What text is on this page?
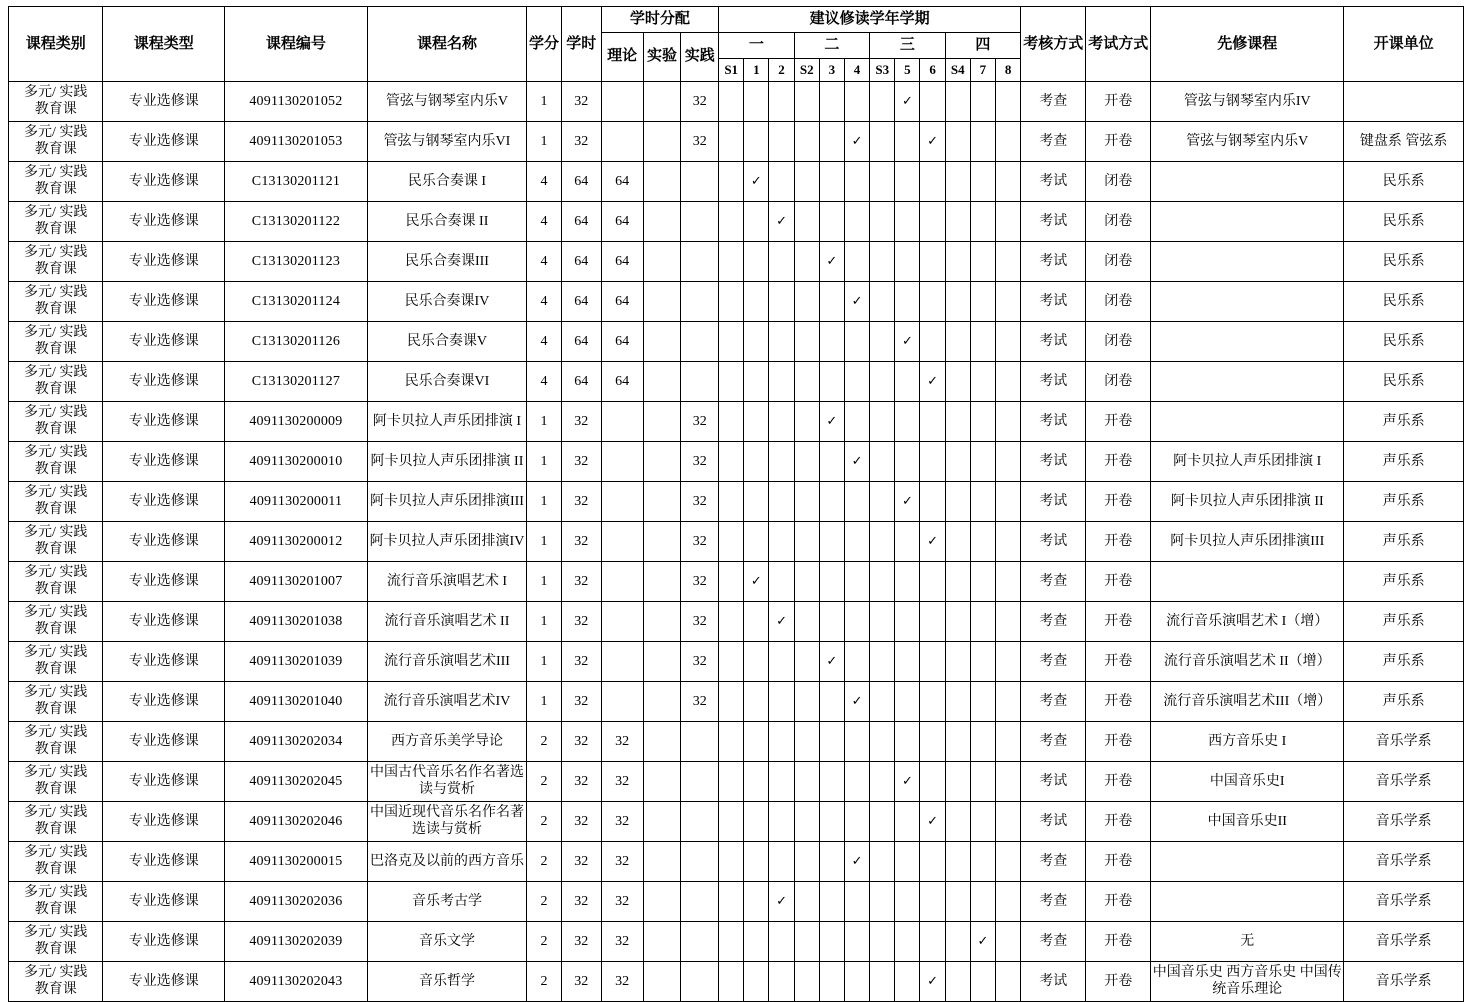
课程类别	课程类型	课程编号	课程名称	学分	学时	学时分配			建议修读学年学期												考核方式	考试方式	先修课程	开课单位
						理论	实验	实践	一			二			三			四						
									S1	1	2	S2	3	4	S3	5	6	S4	7	8				

多元/ 实践
教育课	专业选修课	4091130201052	管弦与钢琴室内乐V	1	32			32								✓					考查	开卷	管弦与钢琴室内乐IV	

多元/ 实践
教育课	专业选修课	4091130201053	管弦与钢琴室内乐VI	1	32			32						✓			✓				考查	开卷	管弦与钢琴室内乐V	键盘系 管弦系

多元/ 实践
教育课	专业选修课	C13130201121	民乐合奏课 I	4	64	64				✓											考试	闭卷		民乐系

多元/ 实践
教育课	专业选修课	C13130201122	民乐合奏课 II	4	64	64					✓										考试	闭卷		民乐系

多元/ 实践
教育课	专业选修课	C13130201123	民乐合奏课III	4	64	64							✓								考试	闭卷		民乐系

多元/ 实践
教育课	专业选修课	C13130201124	民乐合奏课IV	4	64	64								✓							考试	闭卷		民乐系

多元/ 实践
教育课	专业选修课	C13130201126	民乐合奏课V	4	64	64										✓					考试	闭卷		民乐系

多元/ 实践
教育课	专业选修课	C13130201127	民乐合奏课VI	4	64	64											✓				考试	闭卷		民乐系

多元/ 实践
教育课	专业选修课	4091130200009	阿卡贝拉人声乐团排演 I	1	32			32					✓								考试	开卷		声乐系

多元/ 实践
教育课	专业选修课	4091130200010	阿卡贝拉人声乐团排演 II	1	32			32						✓							考试	开卷	阿卡贝拉人声乐团排演 I	声乐系

多元/ 实践
教育课	专业选修课	4091130200011	阿卡贝拉人声乐团排演III	1	32			32								✓					考试	开卷	阿卡贝拉人声乐团排演 II	声乐系

多元/ 实践
教育课	专业选修课	4091130200012	阿卡贝拉人声乐团排演IV	1	32			32									✓				考试	开卷	阿卡贝拉人声乐团排演III	声乐系

多元/ 实践
教育课	专业选修课	4091130201007	流行音乐演唱艺术 I	1	32			32		✓											考查	开卷		声乐系

多元/ 实践
教育课	专业选修课	4091130201038	流行音乐演唱艺术 II	1	32			32			✓										考查	开卷	流行音乐演唱艺术 I（增）	声乐系

多元/ 实践
教育课	专业选修课	4091130201039	流行音乐演唱艺术III	1	32			32					✓								考查	开卷	流行音乐演唱艺术 II（增）	声乐系

多元/ 实践
教育课	专业选修课	4091130201040	流行音乐演唱艺术IV	1	32			32						✓							考查	开卷	流行音乐演唱艺术III（增）	声乐系

多元/ 实践
教育课	专业选修课	4091130202034	西方音乐美学导论	2	32	32															考查	开卷	西方音乐史 I	音乐学系

多元/ 实践
教育课	专业选修课	4091130202045	中国古代音乐名作名著选读与赏析	2	32	32										✓					考试	开卷	中国音乐史I	音乐学系

多元/ 实践
教育课	专业选修课	4091130202046	中国近现代音乐名作名著选读与赏析	2	32	32											✓				考试	开卷	中国音乐史II	音乐学系

多元/ 实践
教育课	专业选修课	4091130200015	巴洛克及以前的西方音乐	2	32	32								✓							考查	开卷		音乐学系

多元/ 实践
教育课	专业选修课	4091130202036	音乐考古学	2	32	32					✓										考查	开卷		音乐学系

多元/ 实践
教育课	专业选修课	4091130202039	音乐文学	2	32	32													✓		考查	开卷	无	音乐学系

多元/ 实践
教育课	专业选修课	4091130202043	音乐哲学	2	32	32											✓				考试	开卷	中国音乐史 西方音乐史 中国传统音乐理论	音乐学系
